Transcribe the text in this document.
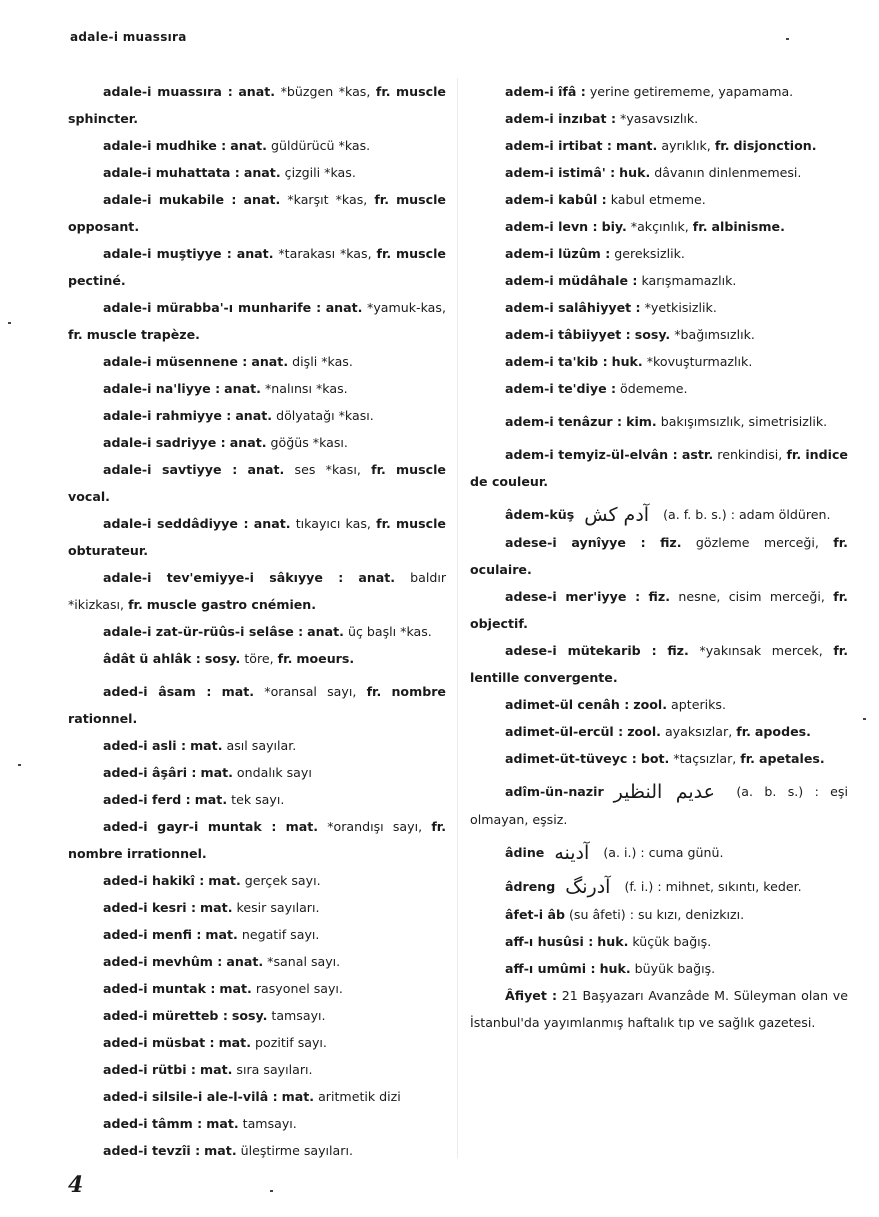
adale-i muassıra

adale-i muassıra : anat. *büzgen *kas, fr. muscle sphincter.

adale-i mudhike : anat. güldürücü *kas.

adale-i muhattata : anat. çizgili *kas.

adale-i mukabile : anat. *karşıt *kas, fr. muscle opposant.

adale-i muştiyye : anat. *tarakası *kas, fr. muscle pectiné.

adale-i mürabba'-ı munharife : anat. *yamuk-kas, fr. muscle trapèze.

adale-i müsennene : anat. dişli *kas.

adale-i na'liyye : anat. *nalınsı *kas.

adale-i rahmiyye : anat. dölyatağı *kası.

adale-i sadriyye : anat. göğüs *kası.

adale-i savtiyye : anat. ses *kası, fr. muscle vocal.

adale-i seddâdiyye : anat. tıkayıcı kas, fr. muscle obturateur.

adale-i tev'emiyye-i sâkıyye : anat. baldır *ikizkası, fr. muscle gastro cnémien.

adale-i zat-ür-rüûs-i selâse : anat. üç başlı *kas.

âdât ü ahlâk : sosy. töre, fr. moeurs.

aded-i âsam : mat. *oransal sayı, fr. nombre rationnel.

aded-i asli : mat. asıl sayılar.

aded-i âşâri : mat. ondalık sayı

aded-i ferd : mat. tek sayı.

aded-i gayr-i muntak : mat. *orandışı sayı, fr. nombre irrationnel.

aded-i hakikî : mat. gerçek sayı.

aded-i kesri : mat. kesir sayıları.

aded-i menfi : mat. negatif sayı.

aded-i mevhûm : anat. *sanal sayı.

aded-i muntak : mat. rasyonel sayı.

aded-i müretteb : sosy. tamsayı.

aded-i müsbat : mat. pozitif sayı.

aded-i rütbi : mat. sıra sayıları.

aded-i silsile-i ale-l-vilâ : mat. aritmetik dizi

aded-i tâmm : mat. tamsayı.

aded-i tevzîi : mat. üleştirme sayıları.

adem-i îfâ : yerine getirememe, yapamama.

adem-i inzıbat : *yasavsızlık.

adem-i irtibat : mant. ayrıklık, fr. disjonction.

adem-i istimâ' : huk. dâvanın dinlenmemesi.

adem-i kabûl : kabul etmeme.

adem-i levn : biy. *akçınlık, fr. albinisme.

adem-i lüzûm : gereksizlik.

adem-i müdâhale : karışmamazlık.

adem-i salâhiyyet : *yetkisizlik.

adem-i tâbiiyyet : sosy. *bağımsızlık.

adem-i ta'kib : huk. *kovuşturmazlık.

adem-i te'diye : ödememe.

adem-i tenâzur : kim. bakışımsızlık, simetrisizlik.

adem-i temyiz-ül-elvân : astr. renkindisi, fr. indice de couleur.

âdem-küş آدم کش (a. f. b. s.) : adam öldüren.

adese-i aynîyye : fiz. gözleme merceği, fr. oculaire.

adese-i mer'iyye : fiz. nesne, cisim merceği, fr. objectif.

adese-i mütekarib : fiz. *yakınsak mercek, fr. lentille convergente.

adimet-ül cenâh : zool. apteriks.

adimet-ül-ercül : zool. ayaksızlar, fr. apodes.

adimet-üt-tüveyc : bot. *taçsızlar, fr. apetales.

adîm-ün-nazir عديم النظير (a. b. s.) : eşi olmayan, eşsiz.

âdine آدينه (a. i.) : cuma günü.

âdreng آدرنگ (f. i.) : mihnet, sıkıntı, keder.

âfet-i âb (su âfeti) : su kızı, denizkızı.

aff-ı husûsi : huk. küçük bağış.

aff-ı umûmi : huk. büyük bağış.

Âfiyet : 21 Başyazarı Avanzâde M. Süleyman olan ve İstanbul'da yayımlanmış haftalık tıp ve sağlık gazetesi.

4
